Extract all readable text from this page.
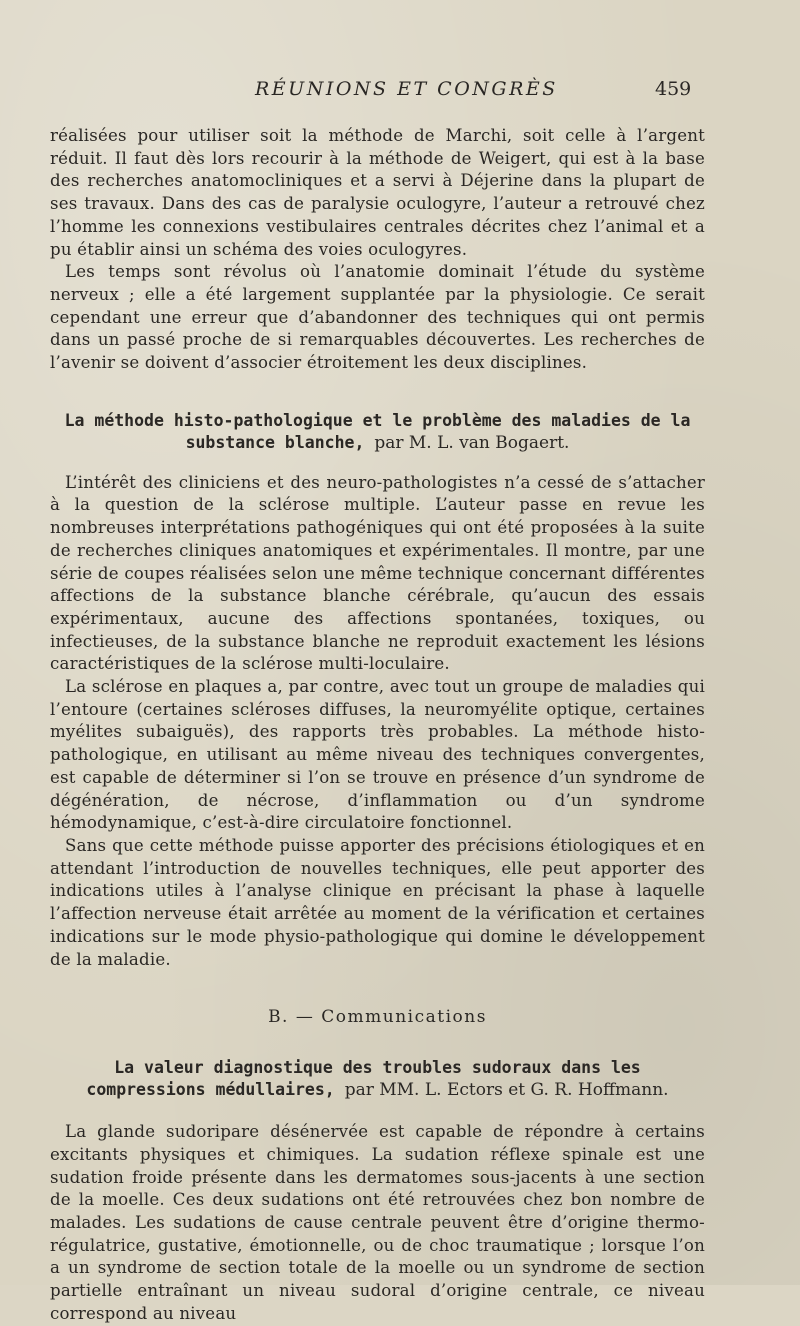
RÉUNIONS ET CONGRÈS	459

réalisées pour utiliser soit la méthode de Marchi, soit celle à l’argent réduit. Il faut dès lors recourir à la méthode de Weigert, qui est à la base des recherches anatomocliniques et a servi à Déjerine dans la plupart de ses travaux. Dans des cas de paralysie oculogyre, l’auteur a retrouvé chez l’homme les connexions vestibulaires centrales décrites chez l’animal et a pu établir ainsi un schéma des voies oculogyres.

Les temps sont révolus où l’anatomie dominait l’étude du système nerveux ; elle a été largement supplantée par la physiologie. Ce serait cependant une erreur que d’abandonner des techniques qui ont permis dans un passé proche de si remarquables découvertes. Les recherches de l’avenir se doivent d’associer étroitement les deux disciplines.

La méthode histo-pathologique et le problème des maladies de la substance blanche, par M. L. van Bogaert.

L’intérêt des cliniciens et des neuro-pathologistes n’a cessé de s’attacher à la question de la sclérose multiple. L’auteur passe en revue les nombreuses interprétations pathogéniques qui ont été proposées à la suite de recherches cliniques anatomiques et expérimentales. Il montre, par une série de coupes réalisées selon une même technique concernant différentes affections de la substance blanche cérébrale, qu’aucun des essais expérimentaux, aucune des affections spontanées, toxiques, ou infectieuses, de la substance blanche ne reproduit exactement les lésions caractéristiques de la sclérose multi-loculaire.

La sclérose en plaques a, par contre, avec tout un groupe de maladies qui l’entoure (certaines scléroses diffuses, la neuromyélite optique, certaines myélites subaiguës), des rapports très probables. La méthode histo-pathologique, en utilisant au même niveau des techniques convergentes, est capable de déterminer si l’on se trouve en présence d’un syndrome de dégénération, de nécrose, d’inflammation ou d’un syndrome hémodynamique, c’est-à-dire circulatoire fonctionnel.

Sans que cette méthode puisse apporter des précisions étiologiques et en attendant l’introduction de nouvelles techniques, elle peut apporter des indications utiles à l’analyse clinique en précisant la phase à laquelle l’affection nerveuse était arrêtée au moment de la vérification et certaines indications sur le mode physio-pathologique qui domine le développement de la maladie.

B. — Communications
La valeur diagnostique des troubles sudoraux dans les compressions médullaires, par MM. L. Ectors et G. R. Hoffmann.

La glande sudoripare désénervée est capable de répondre à certains excitants physiques et chimiques. La sudation réflexe spinale est une sudation froide présente dans les dermatomes sous-jacents à une section de la moelle. Ces deux sudations ont été retrouvées chez bon nombre de malades. Les sudations de cause centrale peuvent être d’origine thermo-régulatrice, gustative, émotionnelle, ou de choc traumatique ; lorsque l’on a un syndrome de section totale de la moelle ou un syndrome de section partielle entraînant un niveau sudoral d’origine centrale, ce niveau correspond au niveau
